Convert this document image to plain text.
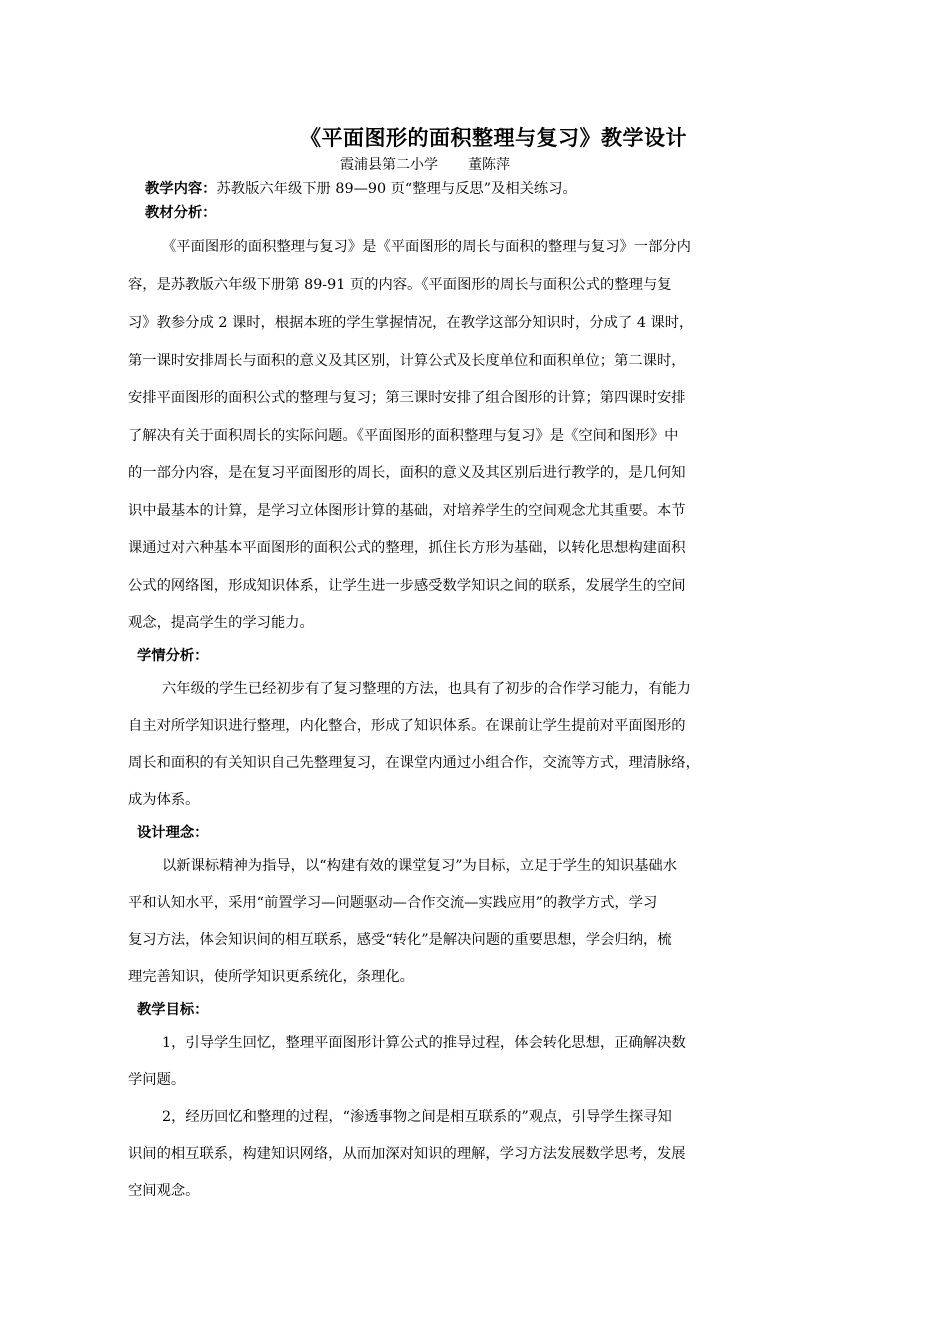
《平面图形的面积整理与复习》教学设计
霞浦县第二小学 董陈萍
教学内容：苏教版六年级下册 89—90 页“整理与反思”及相关练习。
教材分析：
《平面图形的面积整理与复习》是《平面图形的周长与面积的整理与复习》一部分内
容，是苏教版六年级下册第 89-91 页的内容。《平面图形的周长与面积公式的整理与复
习》教参分成 2 课时，根据本班的学生掌握情况，在教学这部分知识时，分成了 4 课时，
第一课时安排周长与面积的意义及其区别，计算公式及长度单位和面积单位；第二课时，
安排平面图形的面积公式的整理与复习；第三课时安排了组合图形的计算；第四课时安排
了解决有关于面积周长的实际问题。《平面图形的面积整理与复习》是《空间和图形》中
的一部分内容，是在复习平面图形的周长，面积的意义及其区别后进行教学的，是几何知
识中最基本的计算，是学习立体图形计算的基础，对培养学生的空间观念尤其重要。本节
课通过对六种基本平面图形的面积公式的整理，抓住长方形为基础，以转化思想构建面积
公式的网络图，形成知识体系，让学生进一步感受数学知识之间的联系，发展学生的空间
观念，提高学生的学习能力。
学情分析：
六年级的学生已经初步有了复习整理的方法，也具有了初步的合作学习能力，有能力
自主对所学知识进行整理，内化整合，形成了知识体系。在课前让学生提前对平面图形的
周长和面积的有关知识自己先整理复习，在课堂内通过小组合作，交流等方式，理清脉络，
成为体系。
设计理念：
以新课标精神为指导，以“构建有效的课堂复习”为目标，立足于学生的知识基础水
平和认知水平，采用“前置学习—问题驱动—合作交流—实践应用”的教学方式，学习
复习方法，体会知识间的相互联系，感受“转化”是解决问题的重要思想，学会归纳，梳
理完善知识，使所学知识更系统化，条理化。
教学目标：
1，引导学生回忆，整理平面图形计算公式的推导过程，体会转化思想，正确解决数
学问题。
2，经历回忆和整理的过程，“渗透事物之间是相互联系的”观点，引导学生探寻知
识间的相互联系，构建知识网络，从而加深对知识的理解，学习方法发展数学思考，发展
空间观念。
